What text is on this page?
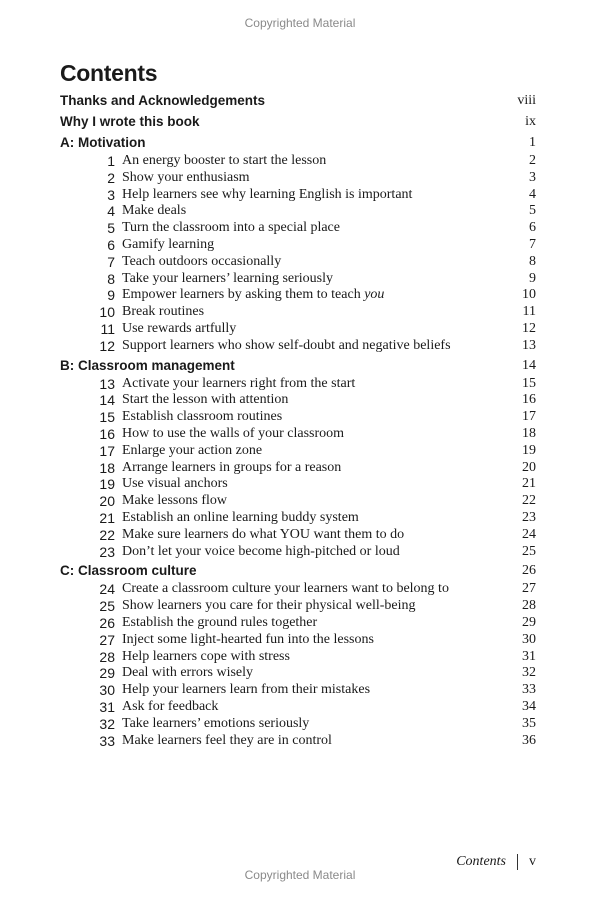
Copyrighted Material
Contents
Thanks and Acknowledgements	viii
Why I wrote this book	ix
A: Motivation	1
1 An energy booster to start the lesson	2
2 Show your enthusiasm	3
3 Help learners see why learning English is important	4
4 Make deals	5
5 Turn the classroom into a special place	6
6 Gamify learning	7
7 Teach outdoors occasionally	8
8 Take your learners’ learning seriously	9
9 Empower learners by asking them to teach you	10
10 Break routines	11
11 Use rewards artfully	12
12 Support learners who show self-doubt and negative beliefs	13
B: Classroom management	14
13 Activate your learners right from the start	15
14 Start the lesson with attention	16
15 Establish classroom routines	17
16 How to use the walls of your classroom	18
17 Enlarge your action zone	19
18 Arrange learners in groups for a reason	20
19 Use visual anchors	21
20 Make lessons flow	22
21 Establish an online learning buddy system	23
22 Make sure learners do what YOU want them to do	24
23 Don’t let your voice become high-pitched or loud	25
C: Classroom culture	26
24 Create a classroom culture your learners want to belong to	27
25 Show learners you care for their physical well-being	28
26 Establish the ground rules together	29
27 Inject some light-hearted fun into the lessons	30
28 Help learners cope with stress	31
29 Deal with errors wisely	32
30 Help your learners learn from their mistakes	33
31 Ask for feedback	34
32 Take learners’ emotions seriously	35
33 Make learners feel they are in control	36
Contents v
Copyrighted Material
